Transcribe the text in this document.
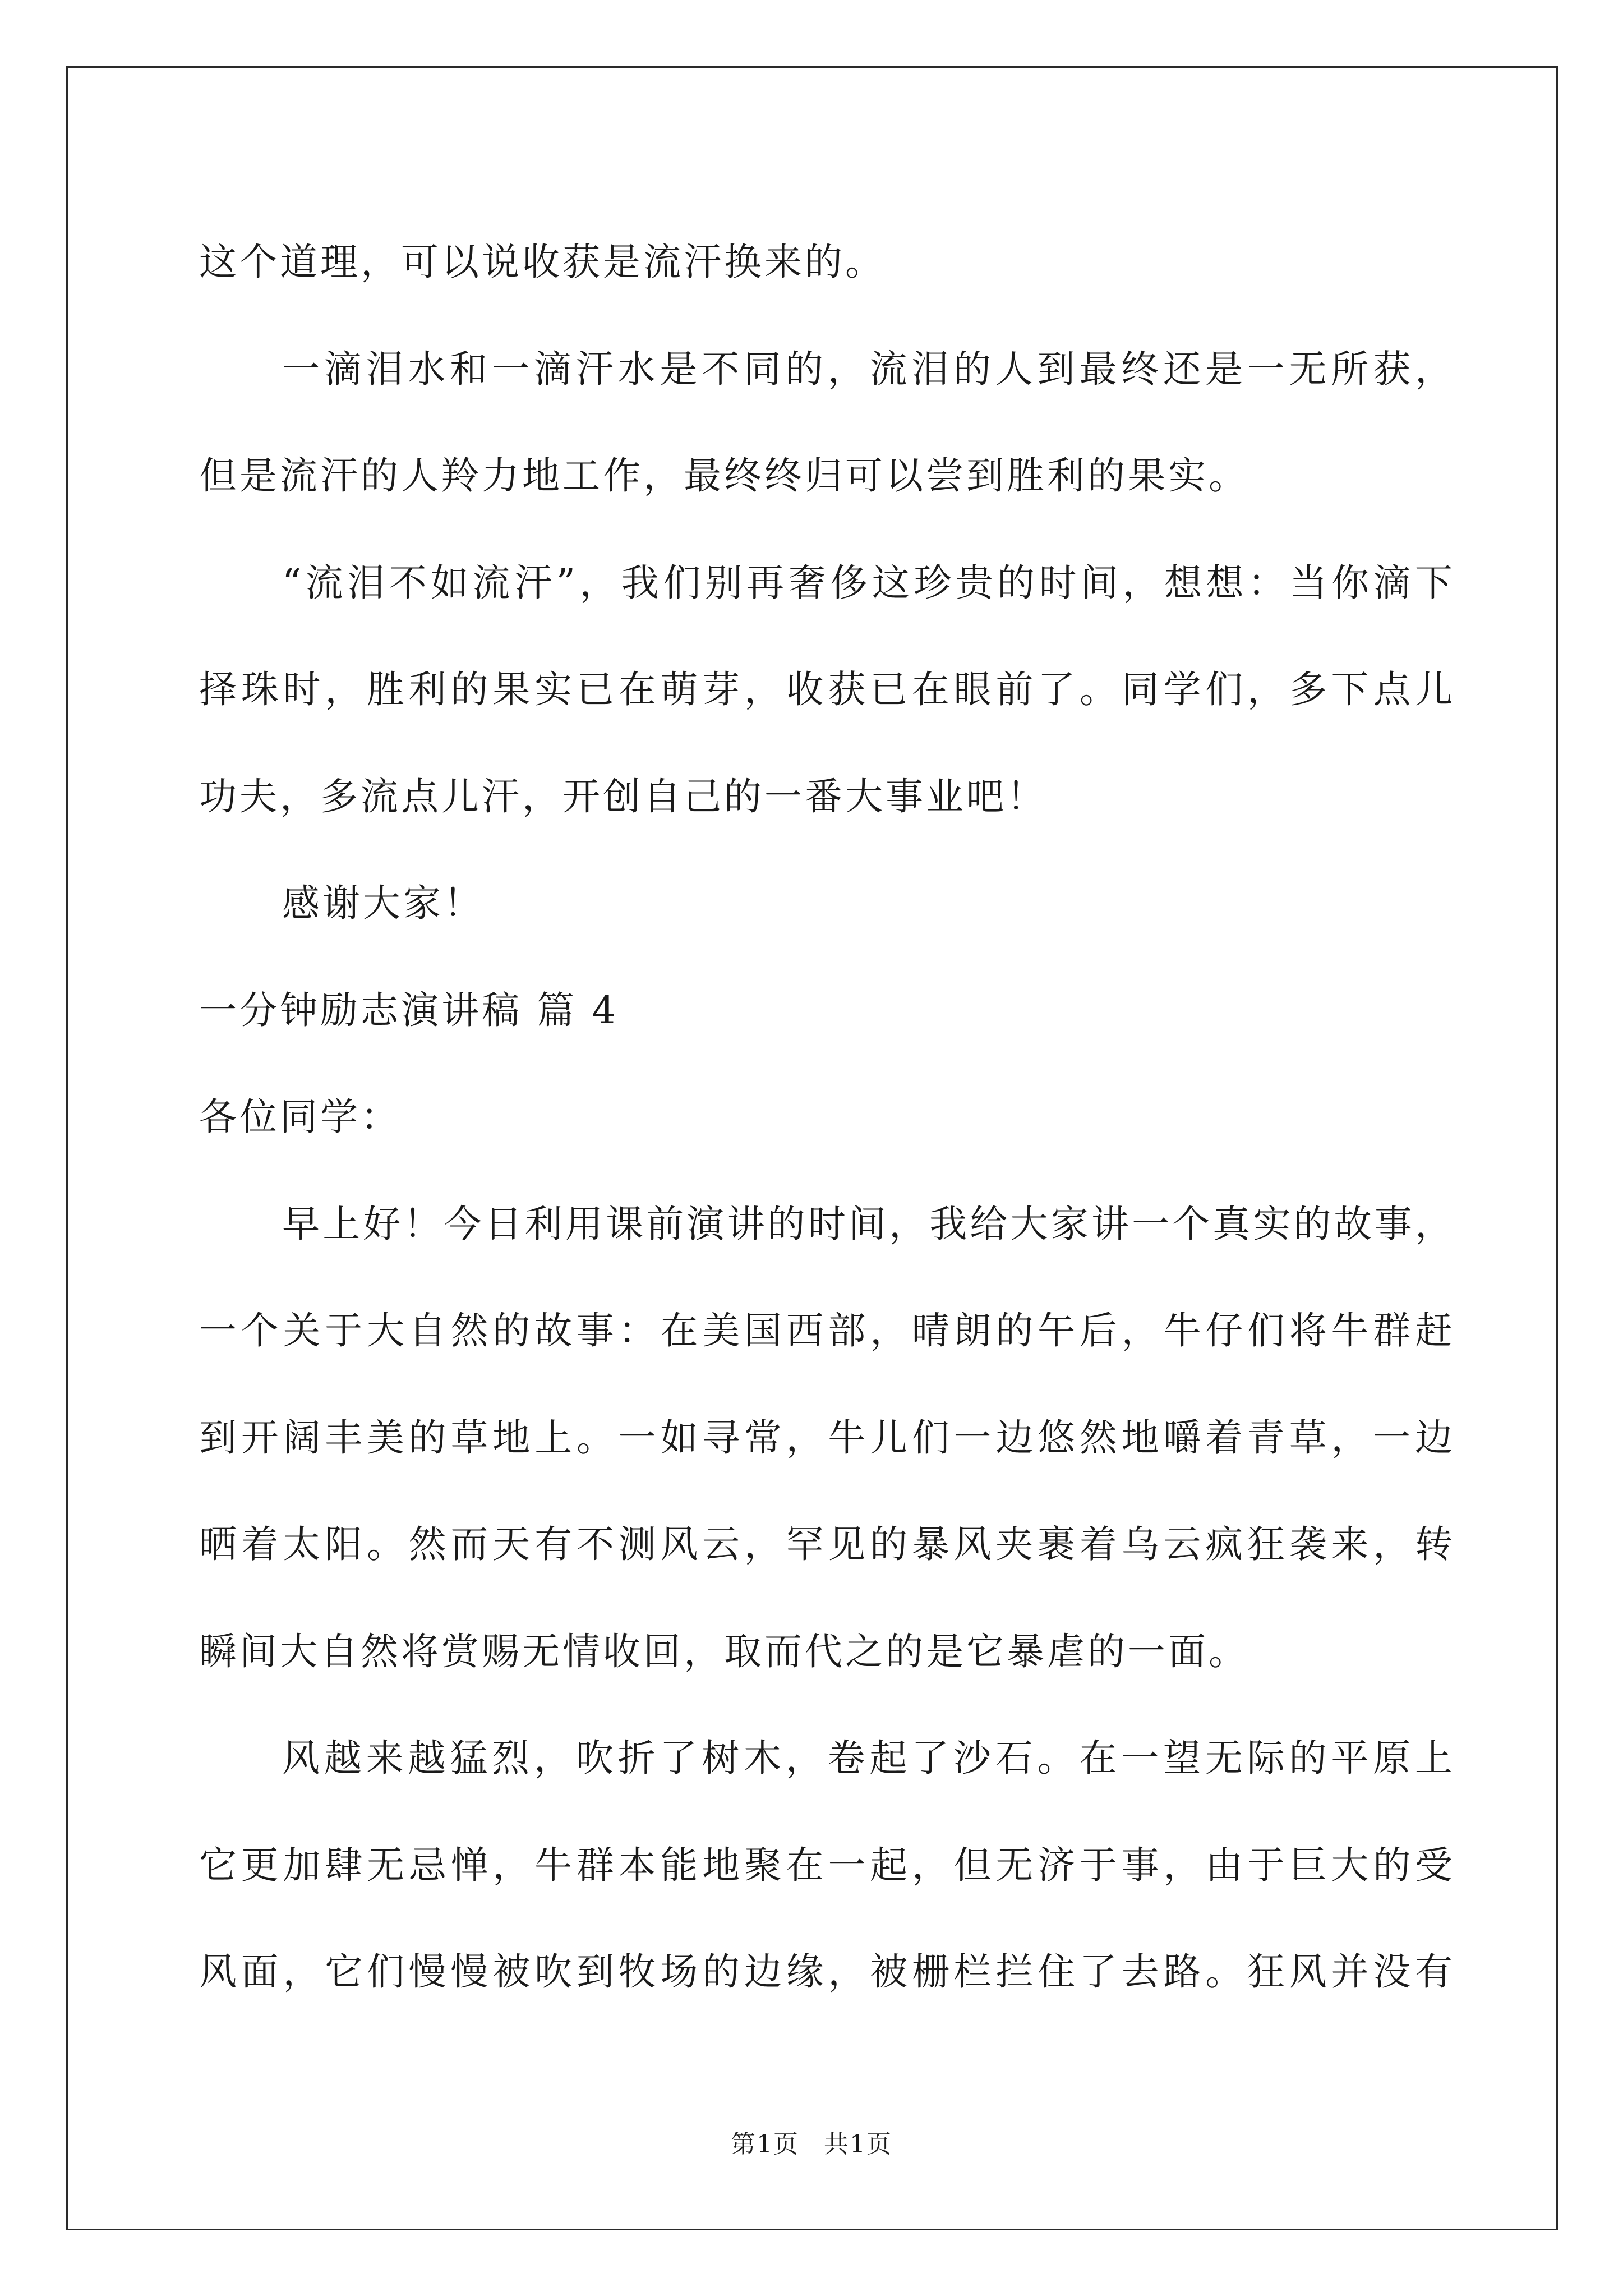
这个道理，可以说收获是流汗换来的。
一滴泪水和一滴汗水是不同的，流泪的人到最终还是一无所获，
但是流汗的人羚力地工作，最终终归可以尝到胜利的果实。
“流泪不如流汗”，我们别再奢侈这珍贵的时间，想想：当你滴下
择珠时，胜利的果实已在萌芽，收获已在眼前了。同学们，多下点儿
功夫，多流点儿汗，开创自己的一番大事业吧！
感谢大家！
一分钟励志演讲稿 篇 4
各位同学：
早上好！今日利用课前演讲的时间，我给大家讲一个真实的故事，
一个关于大自然的故事：在美国西部，晴朗的午后，牛仔们将牛群赶
到开阔丰美的草地上。一如寻常，牛儿们一边悠然地嚼着青草，一边
晒着太阳。然而天有不测风云，罕见的暴风夹裹着乌云疯狂袭来，转
瞬间大自然将赏赐无情收回，取而代之的是它暴虐的一面。
风越来越猛烈，吹折了树木，卷起了沙石。在一望无际的平原上
它更加肆无忌惮，牛群本能地聚在一起，但无济于事，由于巨大的受
风面，它们慢慢被吹到牧场的边缘，被栅栏拦住了去路。狂风并没有
第1页 共1页
